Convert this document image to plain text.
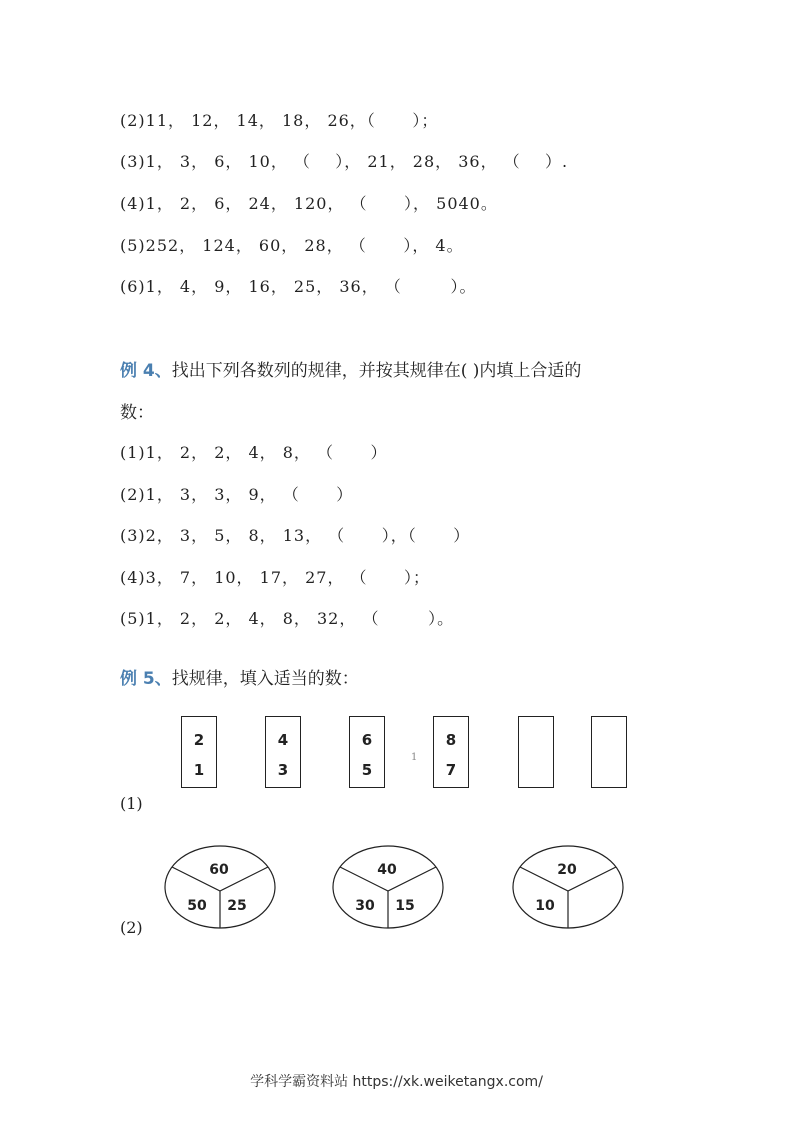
(2)11， 12， 14， 18， 26，（      ）；
(3)1， 3， 6， 10， （    ）， 21， 28， 36， （    ）.
(4)1， 2， 6， 24， 120， （      ）， 5040。
(5)252， 124， 60， 28， （      ）， 4。
(6)1， 4， 9， 16， 25， 36， （        ）。
例 4、找出下列各数列的规律，并按其规律在( )内填上合适的
数：
(1)1， 2， 2， 4， 8， （      ）
(2)1， 3， 3， 9， （      ）
(3)2， 3， 5， 8， 13， （      ），（      ）
(4)3， 7， 10， 17， 27， （      ）；
(5)1， 2， 2， 4， 8， 32， （        ）。
例 5、找规律，填入适当的数：
2
1
4
3
6
5
1
8
7
(1)
60
50 25
40
30 15
20
10
(2)
学科学霸资料站 https://xk.weiketangx.com/
